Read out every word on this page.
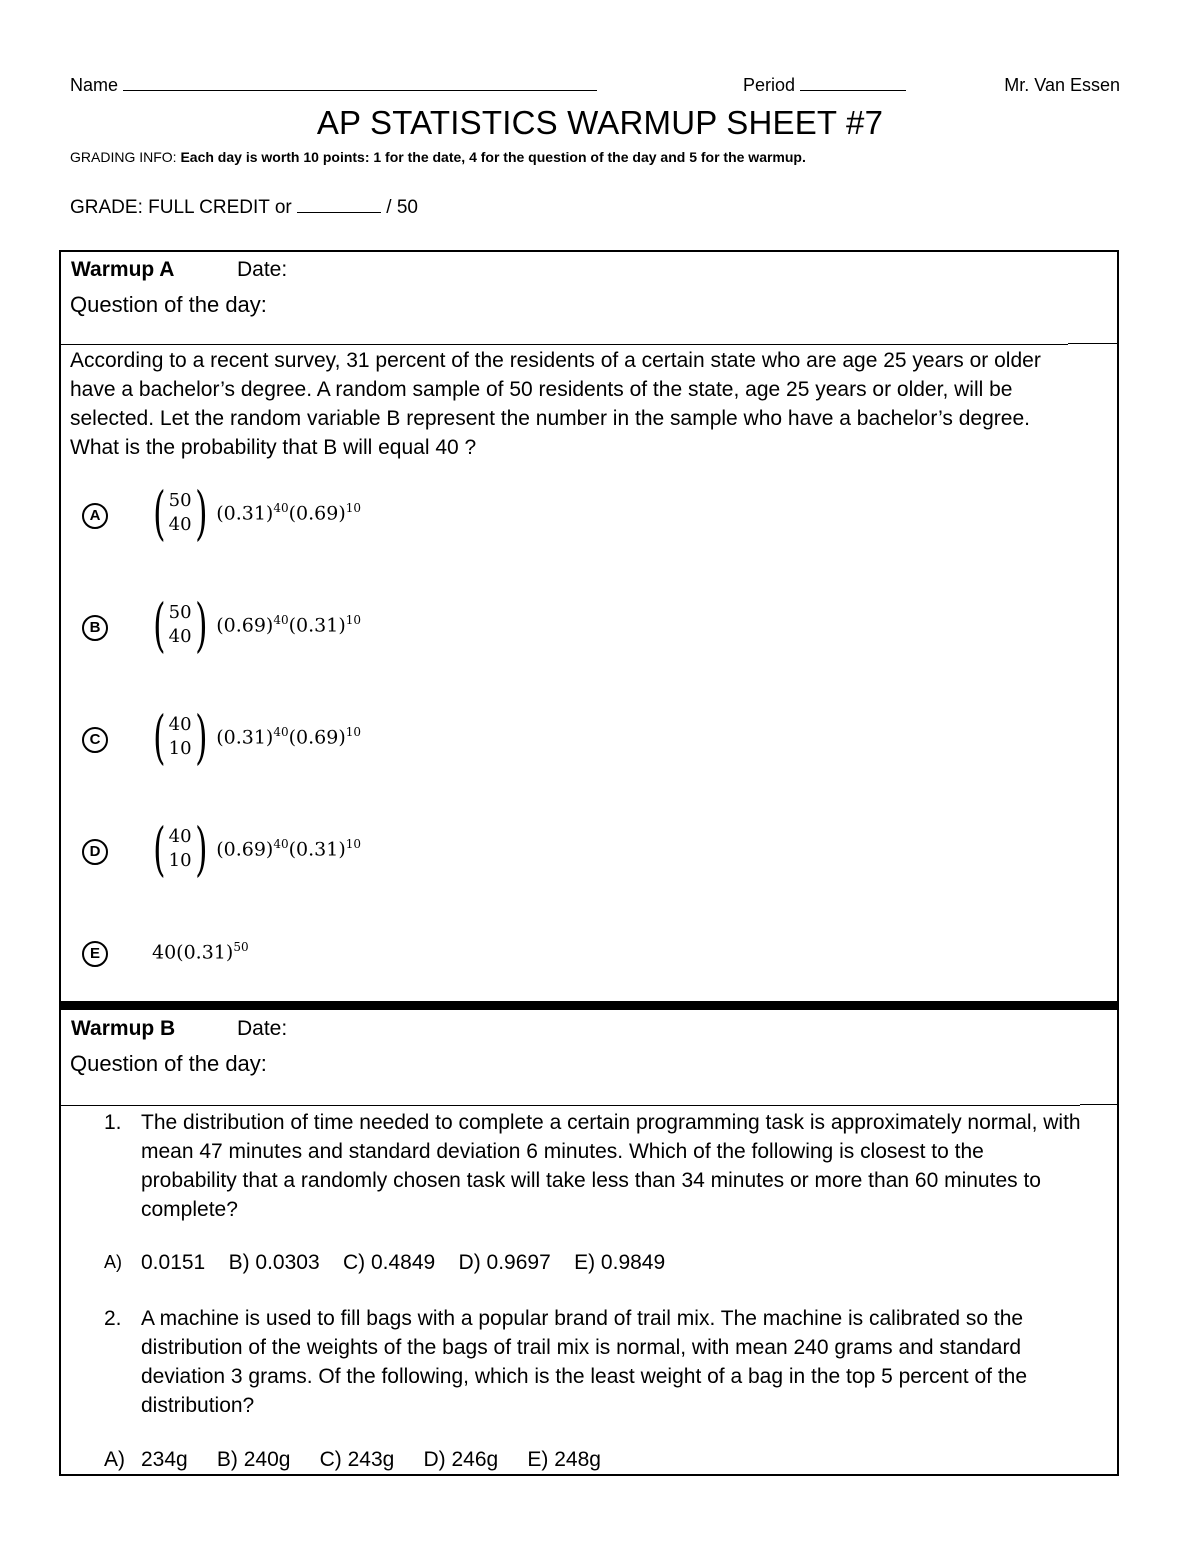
Name	Period	Mr. Van Essen
AP STATISTICS WARMUP SHEET #7
GRADING INFO: Each day is worth 10 points: 1 for the date, 4 for the question of the day and 5 for the warmup.
GRADE: FULL CREDIT or	/ 50
Warmup A	Date:
Question of the day:
According to a recent survey, 31 percent of the residents of a certain state who are age 25 years or older have a bachelor’s degree. A random sample of 50 residents of the state, age 25 years or older, will be selected. Let the random variable B represent the number in the sample who have a bachelor’s degree. What is the probability that B will equal 40 ?
A ( 50
40 ) $(0.31)^{40}(0.69)^{10}$
B ( 50
40 ) $(0.69)^{40}(0.31)^{10}$
C ( 40
10 ) $(0.31)^{40}(0.69)^{10}$
D ( 40
10 ) $(0.69)^{40}(0.31)^{10}$
E	$40(0.31)^{50}$
Warmup B	Date:
Question of the day:
1. The distribution of time needed to complete a certain programming task is approximately normal, with mean 47 minutes and standard deviation 6 minutes. Which of the following is closest to the probability that a randomly chosen task will take less than 34 minutes or more than 60 minutes to complete?
A) 0.0151    B) 0.0303    C) 0.4849    D) 0.9697    E) 0.9849
2. A machine is used to fill bags with a popular brand of trail mix. The machine is calibrated so the distribution of the weights of the bags of trail mix is normal, with mean 240 grams and standard deviation 3 grams. Of the following, which is the least weight of a bag in the top 5 percent of the distribution?
A) 234g     B) 240g     C) 243g     D) 246g     E) 248g
